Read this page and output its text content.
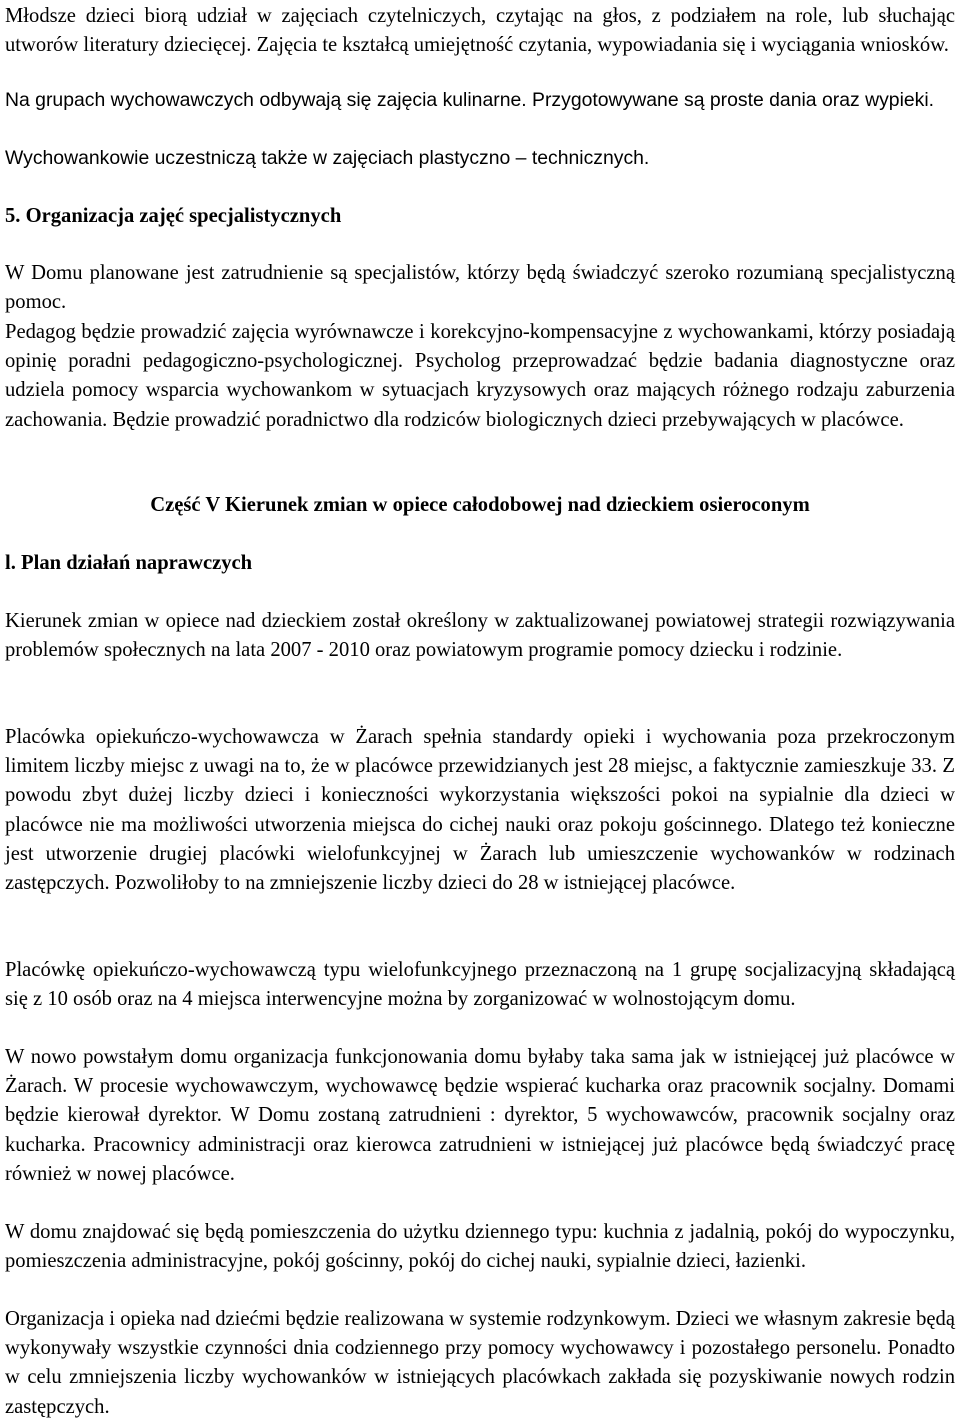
Młodsze dzieci biorą udział w zajęciach czytelniczych, czytając na głos, z podziałem na role, lub słuchając utworów literatury dziecięcej. Zajęcia te kształcą umiejętność czytania, wypowiadania się i wyciągania wniosków.

Na grupach wychowawczych odbywają się zajęcia kulinarne. Przygotowywane są proste dania oraz wypieki.

Wychowankowie uczestniczą także w zajęciach plastyczno – technicznych.

5. Organizacja zajęć specjalistycznych

W Domu planowane jest zatrudnienie są specjalistów, którzy będą świadczyć szeroko rozumianą specjalistyczną pomoc.

Pedagog będzie prowadzić zajęcia wyrównawcze i korekcyjno-kompensacyjne z wychowankami, którzy posiadają opinię poradni pedagogiczno-psychologicznej. Psycholog przeprowadzać będzie badania diagnostyczne oraz udziela pomocy wsparcia wychowankom w sytuacjach kryzysowych oraz mających różnego rodzaju zaburzenia zachowania. Będzie prowadzić poradnictwo dla rodziców biologicznych dzieci przebywających w placówce.

Część V Kierunek zmian w opiece całodobowej nad dzieckiem osieroconym

l. Plan działań naprawczych

Kierunek zmian w opiece nad dzieckiem został określony w zaktualizowanej powiatowej strategii rozwiązywania problemów społecznych na lata 2007 - 2010 oraz powiatowym programie pomocy dziecku i rodzinie.

Placówka opiekuńczo-wychowawcza w Żarach spełnia standardy opieki i wychowania poza przekroczonym limitem liczby miejsc z uwagi na to, że w placówce przewidzianych jest 28 miejsc, a faktycznie zamieszkuje 33. Z powodu zbyt dużej liczby dzieci i konieczności wykorzystania większości pokoi na sypialnie dla dzieci w placówce nie ma możliwości utworzenia miejsca do cichej nauki oraz pokoju gościnnego. Dlatego też konieczne jest utworzenie drugiej placówki wielofunkcyjnej w Żarach lub umieszczenie wychowanków w rodzinach zastępczych. Pozwoliłoby to na zmniejszenie liczby dzieci do 28 w istniejącej placówce.

Placówkę opiekuńczo-wychowawczą typu wielofunkcyjnego przeznaczoną na 1 grupę socjalizacyjną składającą się z 10 osób oraz na 4 miejsca interwencyjne można by zorganizować w wolnostojącym domu.

W nowo powstałym domu organizacja funkcjonowania domu byłaby taka sama jak w istniejącej już placówce w Żarach. W procesie wychowawczym, wychowawcę będzie wspierać kucharka oraz pracownik socjalny. Domami będzie kierował dyrektor. W Domu zostaną zatrudnieni : dyrektor, 5 wychowawców, pracownik socjalny oraz kucharka. Pracownicy administracji oraz kierowca zatrudnieni w istniejącej już placówce będą świadczyć pracę również w nowej placówce.

W domu znajdować się będą pomieszczenia do użytku dziennego typu: kuchnia z jadalnią, pokój do wypoczynku, pomieszczenia administracyjne, pokój gościnny, pokój do cichej nauki, sypialnie dzieci, łazienki.

Organizacja i opieka nad dziećmi będzie realizowana w systemie rodzynkowym. Dzieci we własnym zakresie będą wykonywały wszystkie czynności dnia codziennego przy pomocy wychowawcy i pozostałego personelu. Ponadto w celu zmniejszenia liczby wychowanków w istniejących placówkach zakłada się pozyskiwanie nowych rodzin zastępczych.
